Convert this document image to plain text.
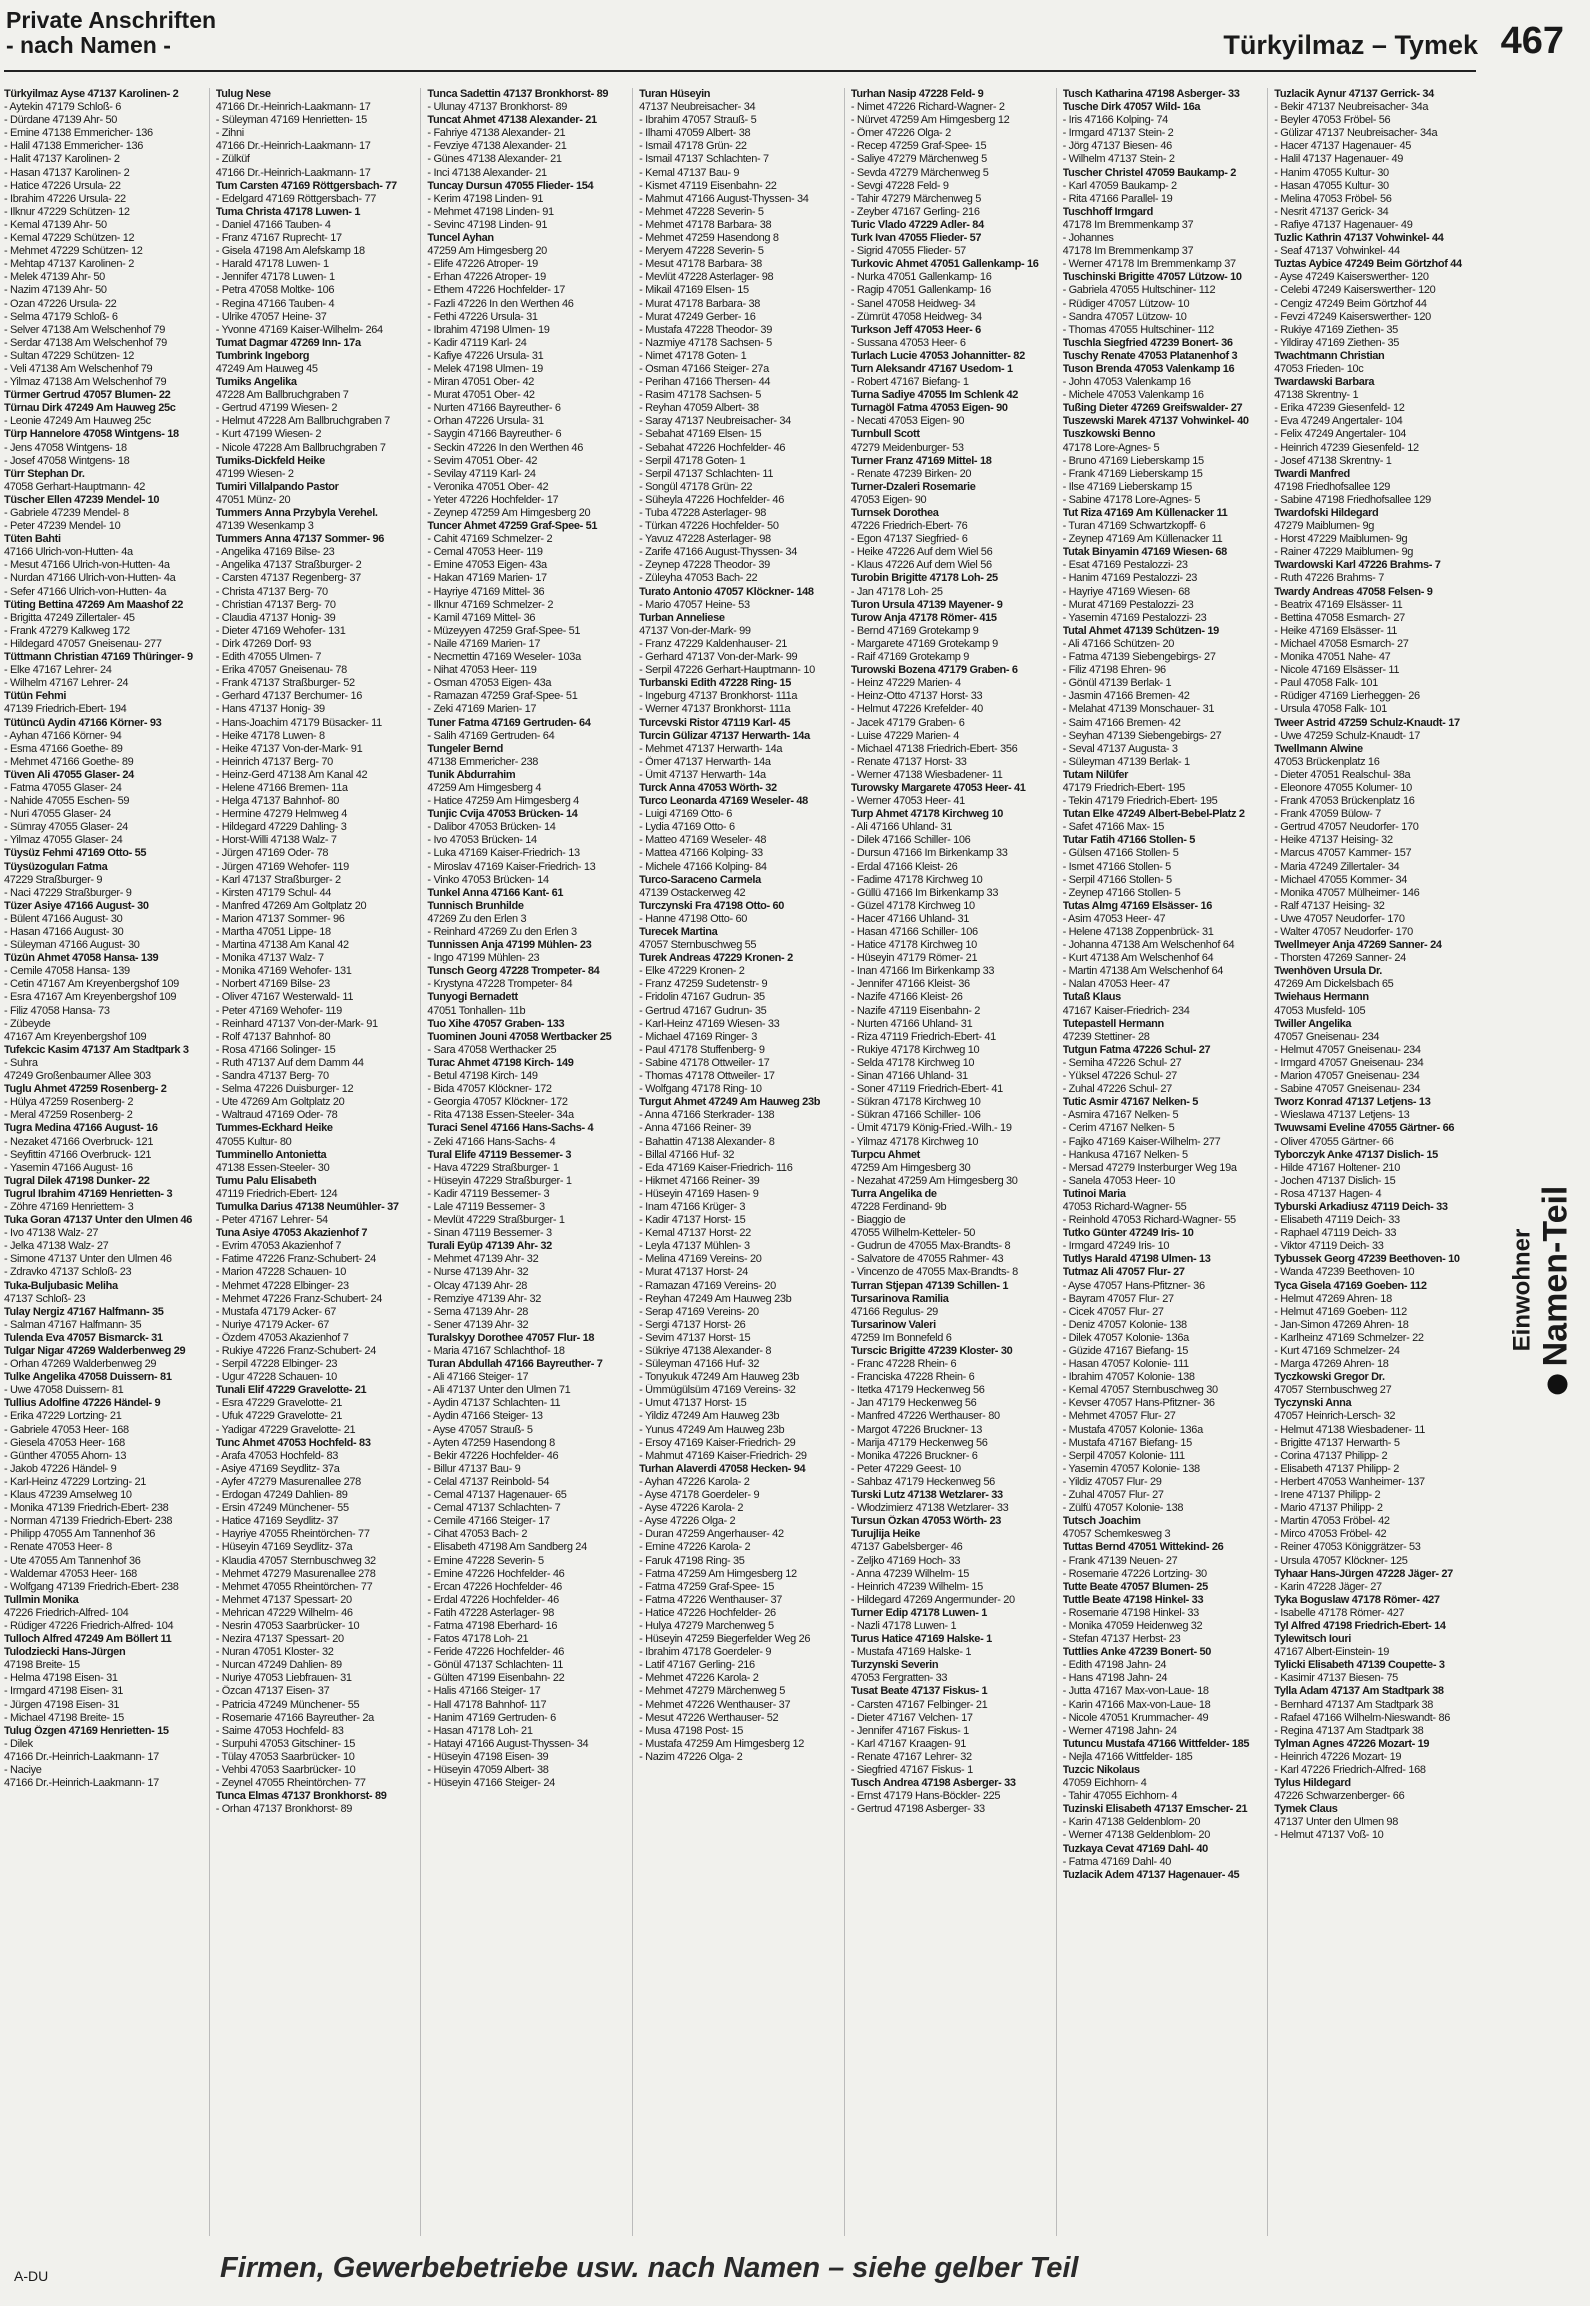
Private Anschriften
- nach Namen -	Türkyilmaz – Tymek 467
Türkyilmaz Ayse 47137 Karolinen- 2
- Aytekin 47179 Schloß- 6
- Dürdane 47139 Ahr- 50
- Emine 47138 Emmericher- 136
- Halil 47138 Emmericher- 136
- Halit 47137 Karolinen- 2
- Hasan 47137 Karolinen- 2
- Hatice 47226 Ursula- 22
- Ibrahim 47226 Ursula- 22
- Ilknur 47229 Schützen- 12
- Kemal 47139 Ahr- 50
- Kemal 47229 Schützen- 12
- Mehmet 47229 Schützen- 12
- Mehtap 47137 Karolinen- 2
- Melek 47139 Ahr- 50
- Nazim 47139 Ahr- 50
- Ozan 47226 Ursula- 22
- Selma 47179 Schloß- 6
- Selver 47138 Am Welschenhof 79
- Serdar 47138 Am Welschenhof 79
- Sultan 47229 Schützen- 12
- Veli 47138 Am Welschenhof 79
- Yilmaz 47138 Am Welschenhof 79
Türmer Gertrud 47057 Blumen- 22
Türnau Dirk 47249 Am Hauweg 25c
- Leonie 47249 Am Hauweg 25c
Türp Hannelore 47058 Wintgens- 18
- Jens 47058 Wintgens- 18
- Josef 47058 Wintgens- 18
Türr Stephan Dr.
47058 Gerhart-Hauptmann- 42
Tüscher Ellen 47239 Mendel- 10
- Gabriele 47239 Mendel- 8
- Peter 47239 Mendel- 10
Tüten Bahti
47166 Ulrich-von-Hutten- 4a
- Mesut 47166 Ulrich-von-Hutten- 4a
- Nurdan 47166 Ulrich-von-Hutten- 4a
- Sefer 47166 Ulrich-von-Hutten- 4a
Tüting Bettina 47269 Am Maashof 22
- Brigitta 47249 Zillertaler- 45
- Frank 47279 Kalkweg 172
- Hildegard 47057 Gneisenau- 277
Tüttmann Christian 47169 Thüringer- 9
- Elke 47167 Lehrer- 24
- Wilhelm 47167 Lehrer- 24
Tütün Fehmi
47139 Friedrich-Ebert- 194
Tütüncü Aydin 47166 Körner- 93
- Ayhan 47166 Körner- 94
- Esma 47166 Goethe- 89
- Mehmet 47166 Goethe- 89
Tüven Ali 47055 Glaser- 24
- Fatma 47055 Glaser- 24
- Nahide 47055 Eschen- 59
- Nuri 47055 Glaser- 24
- Sümray 47055 Glaser- 24
- Yilmaz 47055 Glaser- 24
Tüysüz Fehmi 47169 Otto- 55
Tüysüzoguları Fatma
47229 Straßburger- 9
- Naci 47229 Straßburger- 9
Tüzer Asiye 47166 August- 30
- Bülent 47166 August- 30
- Hasan 47166 August- 30
- Süleyman 47166 August- 30
Tüzün Ahmet 47058 Hansa- 139
- Cemile 47058 Hansa- 139
- Cetin 47167 Am Kreyenbergshof 109
- Esra 47167 Am Kreyenbergshof 109
- Filiz 47058 Hansa- 73
- Zübeyde
47167 Am Kreyenbergshof 109
Tufekcic Kasim 47137 Am Stadtpark 3
- Suhra
47249 Großenbaumer Allee 303
Tuglu Ahmet 47259 Rosenberg- 2
- Hülya 47259 Rosenberg- 2
- Meral 47259 Rosenberg- 2
Tugra Medina 47166 August- 16
- Nezaket 47166 Overbruck- 121
- Seyfittin 47166 Overbruck- 121
- Yasemin 47166 August- 16
Tugral Dilek 47198 Dunker- 22
Tugrul Ibrahim 47169 Henrietten- 3
- Zöhre 47169 Henriettem- 3
Tuka Goran 47137 Unter den Ulmen 46
- Ivo 47138 Walz- 27
- Jelka 47138 Walz- 27
- Simone 47137 Unter den Ulmen 46
- Zdravko 47137 Schloß- 23
Tuka-Buljubasic Meliha
47137 Schloß- 23
Tulay Nergiz 47167 Halfmann- 35
- Salman 47167 Halfmann- 35
Tulenda Eva 47057 Bismarck- 31
Tulgar Nigar 47269 Walderbenweg 29
- Orhan 47269 Walderbenweg 29
Tulke Angelika 47058 Duissern- 81
- Uwe 47058 Duissern- 81
Tullius Adolfine 47226 Händel- 9
- Erika 47229 Lortzing- 21
- Gabriele 47053 Heer- 168
- Giesela 47053 Heer- 168
- Günther 47055 Ahorn- 13
- Jakob 47226 Händel- 9
- Karl-Heinz 47229 Lortzing- 21
- Klaus 47239 Amselweg 10
- Monika 47139 Friedrich-Ebert- 238
- Norman 47139 Friedrich-Ebert- 238
- Philipp 47055 Am Tannenhof 36
- Renate 47053 Heer- 8
- Ute 47055 Am Tannenhof 36
- Waldemar 47053 Heer- 168
- Wolfgang 47139 Friedrich-Ebert- 238
Tullmin Monika
47226 Friedrich-Alfred- 104
- Rüdiger 47226 Friedrich-Alfred- 104
Tulloch Alfred 47249 Am Böllert 11
Tulodziecki Hans-Jürgen
47198 Breite- 15
- Helma 47198 Eisen- 31
- Irmgard 47198 Eisen- 31
- Jürgen 47198 Eisen- 31
- Michael 47198 Breite- 15
Tulug Özgen 47169 Henrietten- 15
- Dilek
47166 Dr.-Heinrich-Laakmann- 17
- Naciye
47166 Dr.-Heinrich-Laakmann- 17
Tulug Nese
47166 Dr.-Heinrich-Laakmann- 17
- Süleyman 47169 Henrietten- 15
- Zihni
47166 Dr.-Heinrich-Laakmann- 17
- Zülküf
47166 Dr.-Heinrich-Laakmann- 17
Tum Carsten 47169 Röttgersbach- 77
- Edelgard 47169 Röttgersbach- 77
Tuma Christa 47178 Luwen- 1
- Daniel 47166 Tauben- 4
- Franz 47167 Ruprecht- 17
- Gisela 47198 Am Alefskamp 18
- Harald 47178 Luwen- 1
- Jennifer 47178 Luwen- 1
- Petra 47058 Moltke- 106
- Regina 47166 Tauben- 4
- Ulrike 47057 Heine- 37
- Yvonne 47169 Kaiser-Wilhelm- 264
Tumat Dagmar 47269 Inn- 17a
Tumbrink Ingeborg
47249 Am Hauweg 45
Tumiks Angelika
47228 Am Ballbruchgraben 7
- Gertrud 47199 Wiesen- 2
- Helmut 47228 Am Ballbruchgraben 7
- Kurt 47199 Wiesen- 2
- Nicole 47228 Am Ballbruchgraben 7
Tumiks-Dickfeld Heike
47199 Wiesen- 2
Tumiri Villalpando Pastor
47051 Münz- 20
Tummers Anna Przybyla Verehel.
47139 Wesenkamp 3
Tummers Anna 47137 Sommer- 96
- Angelika 47169 Bilse- 23
- Angelika 47137 Straßburger- 2
- Carsten 47137 Regenberg- 37
- Christa 47137 Berg- 70
- Christian 47137 Berg- 70
- Claudia 47137 Honig- 39
- Dieter 47169 Wehofer- 131
- Dirk 47269 Dorf- 93
- Edith 47055 Ulmen- 7
- Erika 47057 Gneisenau- 78
- Frank 47137 Straßburger- 52
- Gerhard 47137 Berchumer- 16
- Hans 47137 Honig- 39
- Hans-Joachim 47179 Büsacker- 11
- Heike 47178 Luwen- 8
- Heike 47137 Von-der-Mark- 91
- Heinrich 47137 Berg- 70
- Heinz-Gerd 47138 Am Kanal 42
- Helene 47166 Bremen- 11a
- Helga 47137 Bahnhof- 80
- Hermine 47279 Helmweg 4
- Hildegard 47229 Dahling- 3
- Horst-Willi 47138 Walz- 7
- Jürgen 47169 Oder- 78
- Jürgen 47169 Wehofer- 119
- Karl 47137 Straßburger- 2
- Kirsten 47179 Schul- 44
- Manfred 47269 Am Goltplatz 20
- Marion 47137 Sommer- 96
- Martha 47051 Lippe- 18
- Martina 47138 Am Kanal 42
- Monika 47137 Walz- 7
- Monika 47169 Wehofer- 131
- Norbert 47169 Bilse- 23
- Oliver 47167 Westerwald- 11
- Peter 47169 Wehofer- 119
- Reinhard 47137 Von-der-Mark- 91
- Rolf 47137 Bahnhof- 80
- Rosa 47166 Solinger- 15
- Ruth 47137 Auf dem Damm 44
- Sandra 47137 Berg- 70
- Selma 47226 Duisburger- 12
- Ute 47269 Am Goltplatz 20
- Waltraud 47169 Oder- 78
Tummes-Eckhard Heike
47055 Kultur- 80
Tumminello Antonietta
47138 Essen-Steeler- 30
Tumu Palu Elisabeth
47119 Friedrich-Ebert- 124
Tumulka Darius 47138 Neumühler- 37
- Peter 47167 Lehrer- 54
Tuna Asiye 47053 Akazienhof 7
- Evrim 47053 Akazienhof 7
- Fatime 47226 Franz-Schubert- 24
- Marion 47228 Schauen- 10
- Mehmet 47228 Elbinger- 23
- Mehmet 47226 Franz-Schubert- 24
- Mustafa 47179 Acker- 67
- Nuriye 47179 Acker- 67
- Özdem 47053 Akazienhof 7
- Rukiye 47226 Franz-Schubert- 24
- Serpil 47228 Elbinger- 23
- Ugur 47228 Schauen- 10
Tunali Elif 47229 Gravelotte- 21
- Esra 47229 Gravelotte- 21
- Ufuk 47229 Gravelotte- 21
- Yadigar 47229 Gravelotte- 21
Tunc Ahmet 47053 Hochfeld- 83
- Arafa 47053 Hochfeld- 83
- Asiye 47169 Seydlitz- 37a
- Ayfer 47279 Masurenallee 278
- Erdogan 47249 Dahlien- 89
- Ersin 47249 Münchener- 55
- Hatice 47169 Seydlitz- 37
- Hayriye 47055 Rheintörchen- 77
- Hüseyin 47169 Seydlitz- 37a
- Klaudia 47057 Sternbuschweg 32
- Mehmet 47279 Masurenallee 278
- Mehmet 47055 Rheintörchen- 77
- Mehmet 47137 Spessart- 20
- Mehrican 47229 Wilhelm- 46
- Nesrin 47053 Saarbrücker- 10
- Nezira 47137 Spessart- 20
- Nuran 47051 Kloster- 32
- Nurcan 47249 Dahlien- 89
- Nuriye 47053 Liebfrauen- 31
- Özcan 47137 Eisen- 37
- Patricia 47249 Münchener- 55
- Rosemarie 47166 Bayreuther- 2a
- Saime 47053 Hochfeld- 83
- Surpuhi 47053 Gitschiner- 15
- Tülay 47053 Saarbrücker- 10
- Vehbi 47053 Saarbrücker- 10
- Zeynel 47055 Rheintörchen- 77
Tunca Elmas 47137 Bronkhorst- 89
- Orhan 47137 Bronkhorst- 89
Tunca Sadettin 47137 Bronkhorst- 89
- Ulunay 47137 Bronkhorst- 89
Tuncat Ahmet 47138 Alexander- 21
- Fahriye 47138 Alexander- 21
- Fevziye 47138 Alexander- 21
- Günes 47138 Alexander- 21
- Inci 47138 Alexander- 21
Tuncay Dursun 47055 Flieder- 154
- Kerim 47198 Linden- 91
- Mehmet 47198 Linden- 91
- Sevinc 47198 Linden- 91
Tuncel Ayhan
47259 Am Himgesberg 20
- Elife 47226 Atroper- 19
- Erhan 47226 Atroper- 19
- Ethem 47226 Hochfelder- 17
- Fazli 47226 In den Werthen 46
- Fethi 47226 Ursula- 31
- Ibrahim 47198 Ulmen- 19
- Kadir 47119 Karl- 24
- Kafiye 47226 Ursula- 31
- Melek 47198 Ulmen- 19
- Miran 47051 Ober- 42
- Murat 47051 Ober- 42
- Nurten 47166 Bayreuther- 6
- Orhan 47226 Ursula- 31
- Saygin 47166 Bayreuther- 6
- Seckin 47226 In den Werthen 46
- Sevim 47051 Ober- 42
- Sevilay 47119 Karl- 24
- Veronika 47051 Ober- 42
- Yeter 47226 Hochfelder- 17
- Zeynep 47259 Am Himgesberg 20
Tuncer Ahmet 47259 Graf-Spee- 51
- Cahit 47169 Schmelzer- 2
- Cemal 47053 Heer- 119
- Emine 47053 Eigen- 43a
- Hakan 47169 Marien- 17
- Hayriye 47169 Mittel- 36
- Ilknur 47169 Schmelzer- 2
- Kamil 47169 Mittel- 36
- Müzeyyen 47259 Graf-Spee- 51
- Naile 47169 Marien- 17
- Necmettin 47169 Weseler- 103a
- Nihat 47053 Heer- 119
- Osman 47053 Eigen- 43a
- Ramazan 47259 Graf-Spee- 51
- Zeki 47169 Marien- 17
Tuner Fatma 47169 Gertruden- 64
- Salih 47169 Gertruden- 64
Tungeler Bernd
47138 Emmericher- 238
Tunik Abdurrahim
47259 Am Himgesberg 4
- Hatice 47259 Am Himgesberg 4
Tunjic Cvija 47053 Brücken- 14
- Dalibor 47053 Brücken- 14
- Ivo 47053 Brücken- 14
- Luka 47169 Kaiser-Friedrich- 13
- Miroslav 47169 Kaiser-Friedrich- 13
- Vinko 47053 Brücken- 14
Tunkel Anna 47166 Kant- 61
Tunnisch Brunhilde
47269 Zu den Erlen 3
- Reinhard 47269 Zu den Erlen 3
Tunnissen Anja 47199 Mühlen- 23
- Ingo 47199 Mühlen- 23
Tunsch Georg 47228 Trompeter- 84
- Krystyna 47228 Trompeter- 84
Tunyogi Bernadett
47051 Tonhallen- 11b
Tuo Xihe 47057 Graben- 133
Tuominen Jouni 47058 Wertbacker 25
- Sara 47058 Werthacker 25
Turac Ahmet 47198 Kirch- 149
- Betul 47198 Kirch- 149
- Bida 47057 Klöckner- 172
- Georgia 47057 Klöckner- 172
- Rita 47138 Essen-Steeler- 34a
Turaci Senel 47166 Hans-Sachs- 4
- Zeki 47166 Hans-Sachs- 4
Tural Elife 47119 Bessemer- 3
- Hava 47229 Straßburger- 1
- Hüseyin 47229 Straßburger- 1
- Kadir 47119 Bessemer- 3
- Lale 47119 Bessemer- 3
- Mevlüt 47229 Straßburger- 1
- Sinan 47119 Bessemer- 3
Turali Eyüp 47139 Ahr- 32
- Mehmet 47139 Ahr- 32
- Nurse 47139 Ahr- 32
- Olcay 47139 Ahr- 28
- Remziye 47139 Ahr- 32
- Sema 47139 Ahr- 28
- Sener 47139 Ahr- 32
Turalskyy Dorothee 47057 Flur- 18
- Maria 47167 Schlachthof- 18
Turan Abdullah 47166 Bayreuther- 7
- Ali 47166 Steiger- 17
- Ali 47137 Unter den Ulmen 71
- Aydin 47137 Schlachten- 11
- Aydin 47166 Steiger- 13
- Ayse 47057 Strauß- 5
- Ayten 47259 Hasendong 8
- Bekir 47226 Hochfelder- 46
- Billur 47137 Bau- 9
- Celal 47137 Reinbold- 54
- Cemal 47137 Hagenauer- 65
- Cemal 47137 Schlachten- 7
- Cemile 47166 Steiger- 17
- Cihat 47053 Bach- 2
- Elisabeth 47198 Am Sandberg 24
- Emine 47228 Severin- 5
- Emine 47226 Hochfelder- 46
- Ercan 47226 Hochfelder- 46
- Erdal 47226 Hochfelder- 46
- Fatih 47228 Asterlager- 98
- Fatma 47198 Eberhard- 16
- Fatos 47178 Loh- 21
- Feride 47226 Hochfelder- 46
- Gönül 47137 Schlachten- 11
- Gülten 47199 Eisenbahn- 22
- Halis 47166 Steiger- 17
- Hall 47178 Bahnhof- 117
- Hanim 47169 Gertruden- 6
- Hasan 47178 Loh- 21
- Hatayi 47166 August-Thyssen- 34
- Hüseyin 47198 Eisen- 39
- Hüseyin 47059 Albert- 38
- Hüseyin 47166 Steiger- 24
Turan Hüseyin
47137 Neubreisacher- 34
- Ibrahim 47057 Strauß- 5
- Ilhami 47059 Albert- 38
- Ismail 47178 Grün- 22
- Ismail 47137 Schlachten- 7
- Kemal 47137 Bau- 9
- Kismet 47119 Eisenbahn- 22
- Mahmut 47166 August-Thyssen- 34
- Mehmet 47228 Severin- 5
- Mehmet 47178 Barbara- 38
- Mehmet 47259 Hasendong 8
- Meryem 47228 Severin- 5
- Mesut 47178 Barbara- 38
- Mevlüt 47228 Asterlager- 98
- Mikail 47169 Elsen- 15
- Murat 47178 Barbara- 38
- Murat 47249 Gerber- 16
- Mustafa 47228 Theodor- 39
- Nazmiye 47178 Sachsen- 5
- Nimet 47178 Goten- 1
- Osman 47166 Steiger- 27a
- Perihan 47166 Thersen- 44
- Rasim 47178 Sachsen- 5
- Reyhan 47059 Albert- 38
- Saray 47137 Neubreisacher- 34
- Sebahat 47169 Elsen- 15
- Sebahat 47226 Hochfelder- 46
- Serpil 47178 Goten- 1
- Serpil 47137 Schlachten- 11
- Songül 47178 Grün- 22
- Süheyla 47226 Hochfelder- 46
- Tuba 47228 Asterlager- 98
- Türkan 47226 Hochfelder- 50
- Yavuz 47228 Asterlager- 98
- Zarife 47166 August-Thyssen- 34
- Zeynep 47228 Theodor- 39
- Züleyha 47053 Bach- 22
Turato Antonio 47057 Klöckner- 148
- Mario 47057 Heine- 53
Turban Anneliese
47137 Von-der-Mark- 99
- Franz 47229 Kaldenhauser- 21
- Gerhard 47137 Von-der-Mark- 99
- Serpil 47226 Gerhart-Hauptmann- 10
Turbanski Edith 47228 Ring- 15
- Ingeburg 47137 Bronkhorst- 111a
- Werner 47137 Bronkhorst- 111a
Turcevski Ristor 47119 Karl- 45
Turcin Gülizar 47137 Herwarth- 14a
- Mehmet 47137 Herwarth- 14a
- Ömer 47137 Herwarth- 14a
- Ümit 47137 Herwarth- 14a
Turck Anna 47053 Wörth- 32
Turco Leonarda 47169 Weseler- 48
- Luigi 47169 Otto- 6
- Lydia 47169 Otto- 6
- Matteo 47169 Weseler- 48
- Mattea 47166 Kolping- 33
- Michele 47166 Kolping- 84
Turco-Saraceno Carmela
47139 Ostackerweg 42
Turczynski Fra 47198 Otto- 60
- Hanne 47198 Otto- 60
Turecek Martina
47057 Sternbuschweg 55
Turek Andreas 47229 Kronen- 2
- Elke 47229 Kronen- 2
- Franz 47259 Sudetenstr- 9
- Fridolin 47167 Gudrun- 35
- Gertrud 47167 Gudrun- 35
- Karl-Heinz 47169 Wiesen- 33
- Michael 47169 Ringer- 3
- Paul 47178 Stuffenberg- 9
- Sabine 47178 Ottweiler- 17
- Thomas 47178 Ottweiler- 17
- Wolfgang 47178 Ring- 10
Turgut Ahmet 47249 Am Hauweg 23b
- Anna 47166 Sterkrader- 138
- Anna 47166 Reiner- 39
- Bahattin 47138 Alexander- 8
- Billal 47166 Huf- 32
- Eda 47169 Kaiser-Friedrich- 116
- Hikmet 47166 Reiner- 39
- Hüseyin 47169 Hasen- 9
- Inam 47166 Krüger- 3
- Kadir 47137 Horst- 15
- Kemal 47137 Horst- 22
- Leyla 47137 Mühlen- 3
- Melina 47169 Vereins- 20
- Murat 47137 Horst- 24
- Ramazan 47169 Vereins- 20
- Reyhan 47249 Am Hauweg 23b
- Serap 47169 Vereins- 20
- Sergi 47137 Horst- 26
- Sevim 47137 Horst- 15
- Sükriye 47138 Alexander- 8
- Süleyman 47166 Huf- 32
- Tonyukuk 47249 Am Hauweg 23b
- Ümmügülsüm 47169 Vereins- 32
- Umut 47137 Horst- 15
- Yildiz 47249 Am Hauweg 23b
- Yunus 47249 Am Hauweg 23b
- Ersoy 47169 Kaiser-Friedrich- 29
- Mahmut 47169 Kaiser-Friedrich- 29
Turhan Alaverdi 47058 Hecken- 94
- Ayhan 47226 Karola- 2
- Ayse 47178 Goerdeler- 9
- Ayse 47226 Karola- 2
- Ayse 47226 Olga- 2
- Duran 47259 Angerhauser- 42
- Emine 47226 Karola- 2
- Faruk 47198 Ring- 35
- Fatma 47259 Am Himgesberg 12
- Fatma 47259 Graf-Spee- 15
- Fatma 47226 Wenthauser- 37
- Hatice 47226 Hochfelder- 26
- Hulya 47279 Marchenweg 5
- Hüseyin 47259 Biegerfelder Weg 26
- Ibrahim 47178 Goerdeler- 9
- Latif 47167 Gerling- 216
- Mehmet 47226 Karola- 2
- Mehmet 47279 Märchenweg 5
- Mehmet 47226 Wenthauser- 37
- Mesut 47226 Werthauser- 52
- Musa 47198 Post- 15
- Mustafa 47259 Am Himgesberg 12
- Nazim 47226 Olga- 2
Turhan Nasip 47228 Feld- 9
- Nimet 47226 Richard-Wagner- 2
- Nürvet 47259 Am Himgesberg 12
- Ömer 47226 Olga- 2
- Recep 47259 Graf-Spee- 15
- Saliye 47279 Märchenweg 5
- Sevda 47279 Märchenweg 5
- Sevgi 47228 Feld- 9
- Tahir 47279 Märchenweg 5
- Zeyber 47167 Gerling- 216
Turic Vlado 47229 Adler- 84
Turk Ivan 47055 Flieder- 57
- Sigrid 47055 Flieder- 57
Turkovic Ahmet 47051 Gallenkamp- 16
- Nurka 47051 Gallenkamp- 16
- Ragip 47051 Gallenkamp- 16
- Sanel 47058 Heidweg- 34
- Zümrüt 47058 Heidweg- 34
Turkson Jeff 47053 Heer- 6
- Sussana 47053 Heer- 6
Turlach Lucie 47053 Johannitter- 82
Turn Aleksandr 47167 Usedom- 1
- Robert 47167 Biefang- 1
Turna Sadiye 47055 Im Schlenk 42
Turnagöl Fatma 47053 Eigen- 90
- Necati 47053 Eigen- 90
Turnbull Scott
47279 Meidenburger- 53
Turner Franz 47169 Mittel- 18
- Renate 47239 Birken- 20
Turner-Dzaleri Rosemarie
47053 Eigen- 90
Turnsek Dorothea
47226 Friedrich-Ebert- 76
- Egon 47137 Siegfried- 6
- Heike 47226 Auf dem Wiel 56
- Klaus 47226 Auf dem Wiel 56
Turobin Brigitte 47178 Loh- 25
- Jan 47178 Loh- 25
Turon Ursula 47139 Mayener- 9
Turow Anja 47178 Römer- 415
- Bernd 47169 Grotekamp 9
- Margarete 47169 Grotekamp 9
- Raif 47169 Grotekamp 9
Turowski Bozena 47179 Graben- 6
- Heinz 47229 Marien- 4
- Heinz-Otto 47137 Horst- 33
- Helmut 47226 Krefelder- 40
- Jacek 47179 Graben- 6
- Luise 47229 Marien- 4
- Michael 47138 Friedrich-Ebert- 356
- Renate 47137 Horst- 33
- Werner 47138 Wiesbadener- 11
Turowsky Margarete 47053 Heer- 41
- Werner 47053 Heer- 41
Turp Ahmet 47178 Kirchweg 10
- Ali 47166 Uhland- 31
- Dilek 47166 Schiller- 106
- Dursun 47166 Im Birkenkamp 33
- Erdal 47166 Kleist- 26
- Fadime 47178 Kirchweg 10
- Güllü 47166 Im Birkenkamp 33
- Güzel 47178 Kirchweg 10
- Hacer 47166 Uhland- 31
- Hasan 47166 Schiller- 106
- Hatice 47178 Kirchweg 10
- Hüseyin 47179 Römer- 21
- Inan 47166 Im Birkenkamp 33
- Jennifer 47166 Kleist- 36
- Nazife 47166 Kleist- 26
- Nazife 47119 Eisenbahn- 2
- Nurten 47166 Uhland- 31
- Riza 47119 Friedrich-Ebert- 41
- Rukiye 47178 Kirchweg 10
- Selda 47178 Kirchweg 10
- Sinan 47166 Uhland- 31
- Soner 47119 Friedrich-Ebert- 41
- Sükran 47178 Kirchweg 10
- Sükran 47166 Schiller- 106
- Ümit 47179 König-Fried.-Wilh.- 19
- Yilmaz 47178 Kirchweg 10
Turpcu Ahmet
47259 Am Himgesberg 30
- Nezahat 47259 Am Himgesberg 30
Turra Angelika de
47228 Ferdinand- 9b
- Biaggio de
47055 Wilhelm-Ketteler- 50
- Gudrun de 47055 Max-Brandts- 8
- Salvatore de 47055 Rahmer- 43
- Vincenzo de 47055 Max-Brandts- 8
Turran Stjepan 47139 Schillen- 1
Tursarinova Ramilia
47166 Regulus- 29
Tursarinow Valeri
47259 Im Bonnefeld 6
Turscic Brigitte 47239 Kloster- 30
- Franc 47228 Rhein- 6
- Franciska 47228 Rhein- 6
- Itetka 47179 Heckenweg 56
- Jan 47179 Heckenweg 56
- Manfred 47226 Werthauser- 80
- Margot 47226 Bruckner- 13
- Marija 47179 Heckenweg 56
- Monika 47226 Bruckner- 6
- Peter 47229 Geest- 10
- Sahbaz 47179 Heckenweg 56
Turski Lutz 47138 Wetzlarer- 33
- Włodzimierz 47138 Wetzlarer- 33
Tursun Özkan 47053 Wörth- 23
Turujlija Heike
47137 Gabelsberger- 46
- Zeljko 47169 Hoch- 33
- Anna 47239 Wilhelm- 15
- Heinrich 47239 Wilhelm- 15
- Hildegard 47269 Angermunder- 20
Turner Edip 47178 Luwen- 1
- Nazli 47178 Luwen- 1
Turus Hatice 47169 Halske- 1
- Mustafa 47169 Halske- 1
Turzynski Severin
47053 Fergratten- 33
Tusat Beate 47137 Fiskus- 1
- Carsten 47167 Felbinger- 21
- Dieter 47167 Velchen- 17
- Jennifer 47167 Fiskus- 1
- Karl 47167 Kraagen- 91
- Renate 47167 Lehrer- 32
- Siegfried 47167 Fiskus- 1
Tusch Andrea 47198 Asberger- 33
- Ernst 47179 Hans-Böckler- 225
- Gertrud 47198 Asberger- 33
Tusch Katharina 47198 Asberger- 33
Tusche Dirk 47057 Wild- 16a
- Iris 47166 Kolping- 74
- Irmgard 47137 Stein- 2
- Jörg 47137 Biesen- 46
- Wilhelm 47137 Stein- 2
Tuscher Christel 47059 Baukamp- 2
- Karl 47059 Baukamp- 2
- Rita 47166 Parallel- 19
Tuschhoff Irmgard
47178 Im Bremmenkamp 37
- Johannes
47178 Im Bremmenkamp 37
- Werner 47178 Im Bremmenkamp 37
Tuschinski Brigitte 47057 Lützow- 10
- Gabriela 47055 Hultschiner- 112
- Rüdiger 47057 Lützow- 10
- Sandra 47057 Lützow- 10
- Thomas 47055 Hultschiner- 112
Tuschla Siegfried 47239 Bonert- 36
Tuschy Renate 47053 Platanenhof 3
Tuson Brenda 47053 Valenkamp 16
- John 47053 Valenkamp 16
- Michele 47053 Valenkamp 16
Tußing Dieter 47269 Greifswalder- 27
Tuszewski Marek 47137 Vohwinkel- 40
Tuszkowski Benno
47178 Lore-Agnes- 5
- Bruno 47169 Lieberskamp 15
- Frank 47169 Lieberskamp 15
- Ilse 47169 Lieberskamp 15
- Sabine 47178 Lore-Agnes- 5
Tut Riza 47169 Am Küllenacker 11
- Turan 47169 Schwartzkopff- 6
- Zeynep 47169 Am Küllenacker 11
Tutak Binyamin 47169 Wiesen- 68
- Esat 47169 Pestalozzi- 23
- Hanim 47169 Pestalozzi- 23
- Hayriye 47169 Wiesen- 68
- Murat 47169 Pestalozzi- 23
- Yasemin 47169 Pestalozzi- 23
Tutal Ahmet 47139 Schützen- 19
- Ali 47166 Schützen- 20
- Fatma 47139 Siebengebirgs- 27
- Filiz 47198 Ehren- 96
- Gönül 47139 Berlak- 1
- Jasmin 47166 Bremen- 42
- Melahat 47139 Monschauer- 31
- Saim 47166 Bremen- 42
- Seyhan 47139 Siebengebirgs- 27
- Seval 47137 Augusta- 3
- Süleyman 47139 Berlak- 1
Tutam Nilüfer
47179 Friedrich-Ebert- 195
- Tekin 47179 Friedrich-Ebert- 195
Tutan Elke 47249 Albert-Bebel-Platz 2
- Safet 47166 Max- 15
Tutar Fatih 47166 Stollen- 5
- Gülsen 47166 Stollen- 5
- Ismet 47166 Stollen- 5
- Serpil 47166 Stollen- 5
- Zeynep 47166 Stollen- 5
Tutas Almg 47169 Elsässer- 16
- Asim 47053 Heer- 47
- Helene 47138 Zoppenbrück- 31
- Johanna 47138 Am Welschenhof 64
- Kurt 47138 Am Welschenhof 64
- Martin 47138 Am Welschenhof 64
- Nalan 47053 Heer- 47
Tutaß Klaus
47167 Kaiser-Friedrich- 234
Tutepastell Hermann
47239 Stettiner- 28
Tutgun Fatma 47226 Schul- 27
- Semiha 47226 Schul- 27
- Yüksel 47226 Schul- 27
- Zuhal 47226 Schul- 27
Tutic Asmir 47167 Nelken- 5
- Asmira 47167 Nelken- 5
- Cerim 47167 Nelken- 5
- Fajko 47169 Kaiser-Wilhelm- 277
- Hankusa 47167 Nelken- 5
- Mersad 47279 Insterburger Weg 19a
- Sanela 47053 Heer- 10
Tutinoi Maria
47053 Richard-Wagner- 55
- Reinhold 47053 Richard-Wagner- 55
Tutko Günter 47249 Iris- 10
- Irmgard 47249 Iris- 10
Tutlys Harald 47198 Ulmen- 13
Tutmaz Ali 47057 Flur- 27
- Ayse 47057 Hans-Pfitzner- 36
- Bayram 47057 Flur- 27
- Cicek 47057 Flur- 27
- Deniz 47057 Kolonie- 138
- Dilek 47057 Kolonie- 136a
- Güzide 47167 Biefang- 15
- Hasan 47057 Kolonie- 111
- Ibrahim 47057 Kolonie- 138
- Kemal 47057 Sternbuschweg 30
- Kevser 47057 Hans-Pfitzner- 36
- Mehmet 47057 Flur- 27
- Mustafa 47057 Kolonie- 136a
- Mustafa 47167 Biefang- 15
- Serpil 47057 Kolonie- 111
- Yasemin 47057 Kolonie- 138
- Yildiz 47057 Flur- 29
- Zuhal 47057 Flur- 27
- Zülfü 47057 Kolonie- 138
Tutsch Joachim
47057 Schemkesweg 3
Tuttas Bernd 47051 Wittekind- 26
- Frank 47139 Neuen- 27
- Rosemarie 47226 Lortzing- 30
Tutte Beate 47057 Blumen- 25
Tuttle Beate 47198 Hinkel- 33
- Rosemarie 47198 Hinkel- 33
- Monika 47059 Heidenweg 32
- Stefan 47137 Herbst- 23
Tuttlies Anke 47239 Bonert- 50
- Edith 47198 Jahn- 24
- Hans 47198 Jahn- 24
- Jutta 47167 Max-von-Laue- 18
- Karin 47166 Max-von-Laue- 18
- Nicole 47051 Krummacher- 49
- Werner 47198 Jahn- 24
Tutuncu Mustafa 47166 Wittfelder- 185
- Nejla 47166 Wittfelder- 185
Tuzcic Nikolaus
47059 Eichhorn- 4
- Tahir 47055 Eichhorn- 4
Tuzinski Elisabeth 47137 Emscher- 21
- Karin 47138 Geldenblom- 20
- Werner 47138 Geldenblom- 20
Tuzkaya Cevat 47169 Dahl- 40
- Fatma 47169 Dahl- 40
Tuzlacik Adem 47137 Hagenauer- 45
Tuzlacik Aynur 47137 Gerrick- 34
- Bekir 47137 Neubreisacher- 34a
- Beyler 47053 Fröbel- 56
- Gülizar 47137 Neubreisacher- 34a
- Hacer 47137 Hagenauer- 45
- Halil 47137 Hagenauer- 49
- Hanim 47055 Kultur- 30
- Hasan 47055 Kultur- 30
- Melina 47053 Fröbel- 56
- Nesrit 47137 Gerick- 34
- Rafiye 47137 Hagenauer- 49
Tuzlic Kathrin 47137 Vohwinkel- 44
- Seaf 47137 Vohwinkel- 44
Tuztas Aybice 47249 Beim Görtzhof 44
- Ayse 47249 Kaiserswerther- 120
- Celebi 47249 Kaiserswerther- 120
- Cengiz 47249 Beim Görtzhof 44
- Fevzi 47249 Kaiserswerther- 120
- Rukiye 47169 Ziethen- 35
- Yildiray 47169 Ziethen- 35
Twachtmann Christian
47053 Frieden- 10c
Twardawski Barbara
47138 Skrentny- 1
- Erika 47239 Giesenfeld- 12
- Eva 47249 Angertaler- 104
- Felix 47249 Angertaler- 104
- Heinrich 47239 Giesenfeld- 12
- Josef 47138 Skrentny- 1
Twardi Manfred
47198 Friedhofsallee 129
- Sabine 47198 Friedhofsallee 129
Twardofski Hildegard
47279 Maiblumen- 9g
- Horst 47229 Maiblumen- 9g
- Rainer 47229 Maiblumen- 9g
Twardowski Karl 47226 Brahms- 7
- Ruth 47226 Brahms- 7
Twardy Andreas 47058 Felsen- 9
- Beatrix 47169 Elsässer- 11
- Bettina 47058 Esmarch- 27
- Heike 47169 Elsässer- 11
- Michael 47058 Esmarch- 27
- Monika 47051 Nahe- 47
- Nicole 47169 Elsässer- 11
- Paul 47058 Falk- 101
- Rüdiger 47169 Lierheggen- 26
- Ursula 47058 Falk- 101
Tweer Astrid 47259 Schulz-Knaudt- 17
- Uwe 47259 Schulz-Knaudt- 17
Twellmann Alwine
47053 Brückenplatz 16
- Dieter 47051 Realschul- 38a
- Eleonore 47055 Kolumer- 10
- Frank 47053 Brückenplatz 16
- Frank 47059 Bülow- 7
- Gertrud 47057 Neudorfer- 170
- Heike 47137 Heising- 32
- Marcus 47057 Kammer- 157
- Maria 47249 Zillertaler- 34
- Michael 47055 Kommer- 34
- Monika 47057 Mülheimer- 146
- Ralf 47137 Heising- 32
- Uwe 47057 Neudorfer- 170
- Walter 47057 Neudorfer- 170
Twellmeyer Anja 47269 Sanner- 24
- Thorsten 47269 Sanner- 24
Twenhöven Ursula Dr.
47269 Am Dickelsbach 65
Twiehaus Hermann
47053 Musfeld- 105
Twiller Angelika
47057 Gneisenau- 234
- Helmut 47057 Gneisenau- 234
- Irmgard 47057 Gneisenau- 234
- Marion 47057 Gneisenau- 234
- Sabine 47057 Gneisenau- 234
Tworz Konrad 47137 Letjens- 13
- Wieslawa 47137 Letjens- 13
Twuwsami Eveline 47055 Gärtner- 66
- Oliver 47055 Gärtner- 66
Tyborczyk Anke 47137 Dislich- 15
- Hilde 47167 Holtener- 210
- Jochen 47137 Dislich- 15
- Rosa 47137 Hagen- 4
Tyburski Arkadiusz 47119 Deich- 33
- Elisabeth 47119 Deich- 33
- Raphael 47119 Deich- 33
- Viktor 47119 Deich- 33
Tybussek Georg 47239 Beethoven- 10
- Wanda 47239 Beethoven- 10
Tyca Gisela 47169 Goeben- 112
- Helmut 47269 Ahren- 18
- Helmut 47169 Goeben- 112
- Jan-Simon 47269 Ahren- 18
- Karlheinz 47169 Schmelzer- 22
- Kurt 47169 Schmelzer- 24
- Marga 47269 Ahren- 18
Tyczkowski Gregor Dr.
47057 Sternbuschweg 27
Tyczynski Anna
47057 Heinrich-Lersch- 32
- Helmut 47138 Wiesbadener- 11
- Brigitte 47137 Herwarth- 5
- Corina 47137 Philipp- 2
- Elisabeth 47137 Philipp- 2
- Herbert 47053 Wanheimer- 137
- Irene 47137 Philipp- 2
- Mario 47137 Philipp- 2
- Martin 47053 Fröbel- 42
- Mirco 47053 Fröbel- 42
- Reiner 47053 Königgrätzer- 53
- Ursula 47057 Klöckner- 125
Tyhaar Hans-Jürgen 47228 Jäger- 27
- Karin 47228 Jäger- 27
Tyka Boguslaw 47178 Römer- 427
- Isabelle 47178 Römer- 427
Tyl Alfred 47198 Friedrich-Ebert- 14
Tylewitsch Iouri
47167 Albert-Einstein- 19
Tylicki Elisabeth 47139 Coupette- 3
- Kasimir 47137 Biesen- 75
Tylla Adam 47137 Am Stadtpark 38
- Bernhard 47137 Am Stadtpark 38
- Rafael 47166 Wilhelm-Nieswandt- 86
- Regina 47137 Am Stadtpark 38
Tylman Agnes 47226 Mozart- 19
- Heinrich 47226 Mozart- 19
- Karl 47226 Friedrich-Alfred- 168
Tylus Hildegard
47226 Schwarzenberger- 66
Tymek Claus
47137 Unter den Ulmen 98
- Helmut 47137 Voß- 10
Einwohner Namen-Teil
A-DU	Firmen, Gewerbebetriebe usw. nach Namen – siehe gelber Teil
